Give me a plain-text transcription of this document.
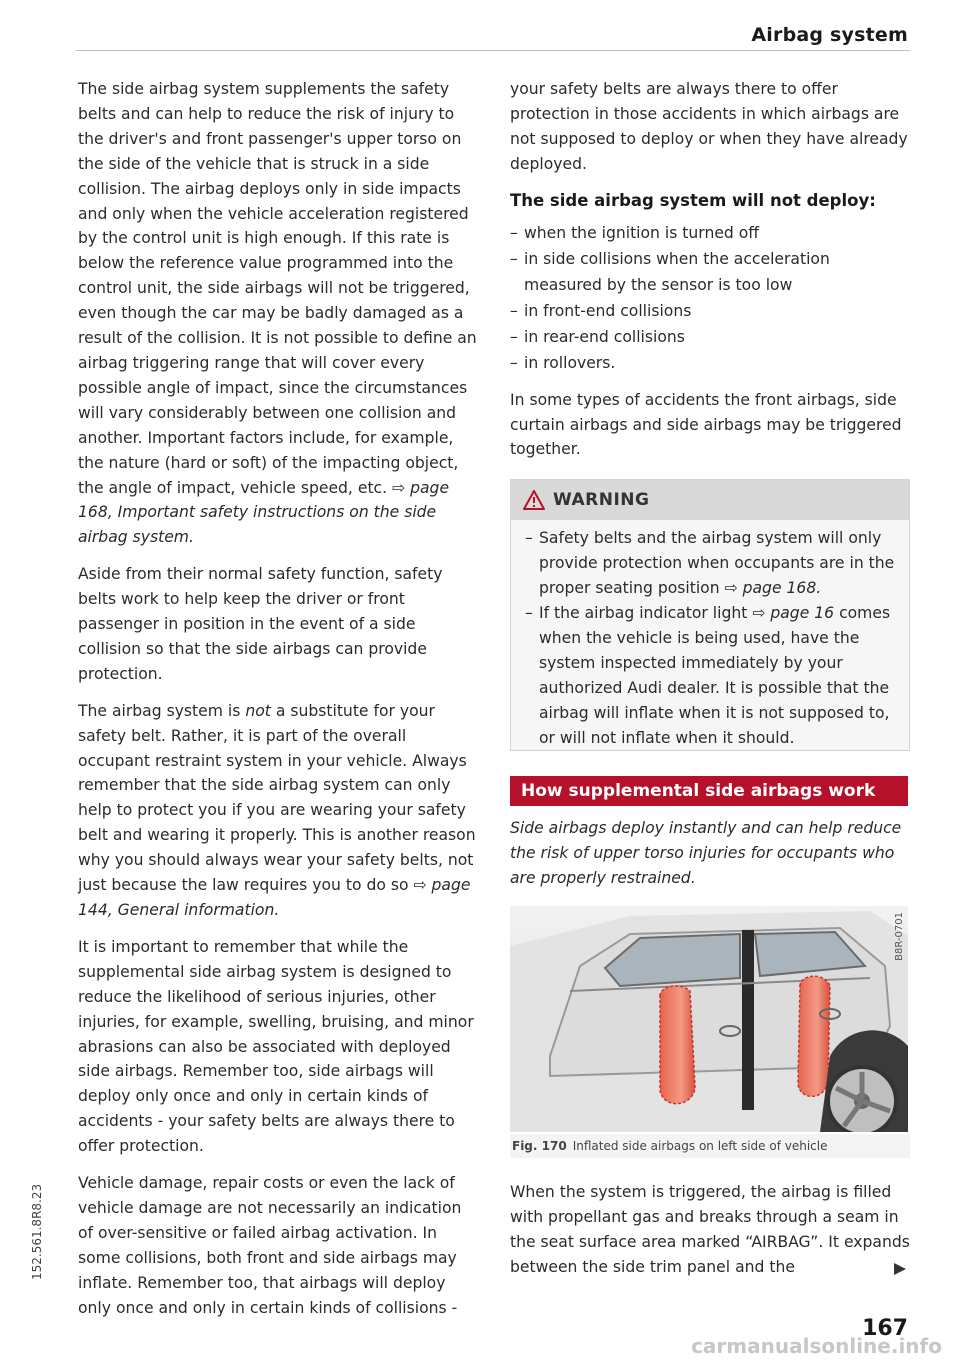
Airbag system

The side airbag system supplements the safety belts and can help to reduce the risk of injury to the driver's and front passenger's upper torso on the side of the vehicle that is struck in a side collision. The airbag deploys only in side impacts and only when the vehicle acceleration registered by the control unit is high enough. If this rate is below the reference value programmed into the control unit, the side airbags will not be triggered, even though the car may be badly damaged as a result of the collision. It is not possible to define an airbag triggering range that will cover every possible angle of impact, since the circumstances will vary considerably between one collision and another. Important factors include, for example, the nature (hard or soft) of the impacting object, the angle of impact, vehicle speed, etc. ⇨ page 168, Important safety instructions on the side airbag system.

Aside from their normal safety function, safety belts work to help keep the driver or front passenger in position in the event of a side collision so that the side airbags can provide protection.

The airbag system is not a substitute for your safety belt. Rather, it is part of the overall occupant restraint system in your vehicle. Always remember that the side airbag system can only help to protect you if you are wearing your safety belt and wearing it properly. This is another reason why you should always wear your safety belts, not just because the law requires you to do so ⇨ page 144, General information.

It is important to remember that while the supplemental side airbag system is designed to reduce the likelihood of serious injuries, other injuries, for example, swelling, bruising, and minor abrasions can also be associated with deployed side airbags. Remember too, side airbags will deploy only once and only in certain kinds of accidents - your safety belts are always there to offer protection.

Vehicle damage, repair costs or even the lack of vehicle damage are not necessarily an indication of over-sensitive or failed airbag activation. In some collisions, both front and side airbags may inflate. Remember too, that airbags will deploy only once and only in certain kinds of collisions -

your safety belts are always there to offer protection in those accidents in which airbags are not supposed to deploy or when they have already deployed.

The side airbag system will not deploy:
– when the ignition is turned off
– in side collisions when the acceleration measured by the sensor is too low
– in front-end collisions
– in rear-end collisions
– in rollovers.

In some types of accidents the front airbags, side curtain airbags and side airbags may be triggered together.

WARNING
– Safety belts and the airbag system will only provide protection when occupants are in the proper seating position ⇨ page 168.
– If the airbag indicator light ⇨ page 16 comes when the vehicle is being used, have the system inspected immediately by your authorized Audi dealer. It is possible that the airbag will inflate when it is not supposed to, or will not inflate when it should.
How supplemental side airbags work
Side airbags deploy instantly and can help reduce the risk of upper torso injuries for occupants who are properly restrained.
B8R-0701
Fig. 170 Inflated side airbags on left side of vehicle

When the system is triggered, the airbag is filled with propellant gas and breaks through a seam in the seat surface area marked “AIRBAG”. It expands between the side trim panel and the

167
152.561.8R8.23
carmanualsonline.info
